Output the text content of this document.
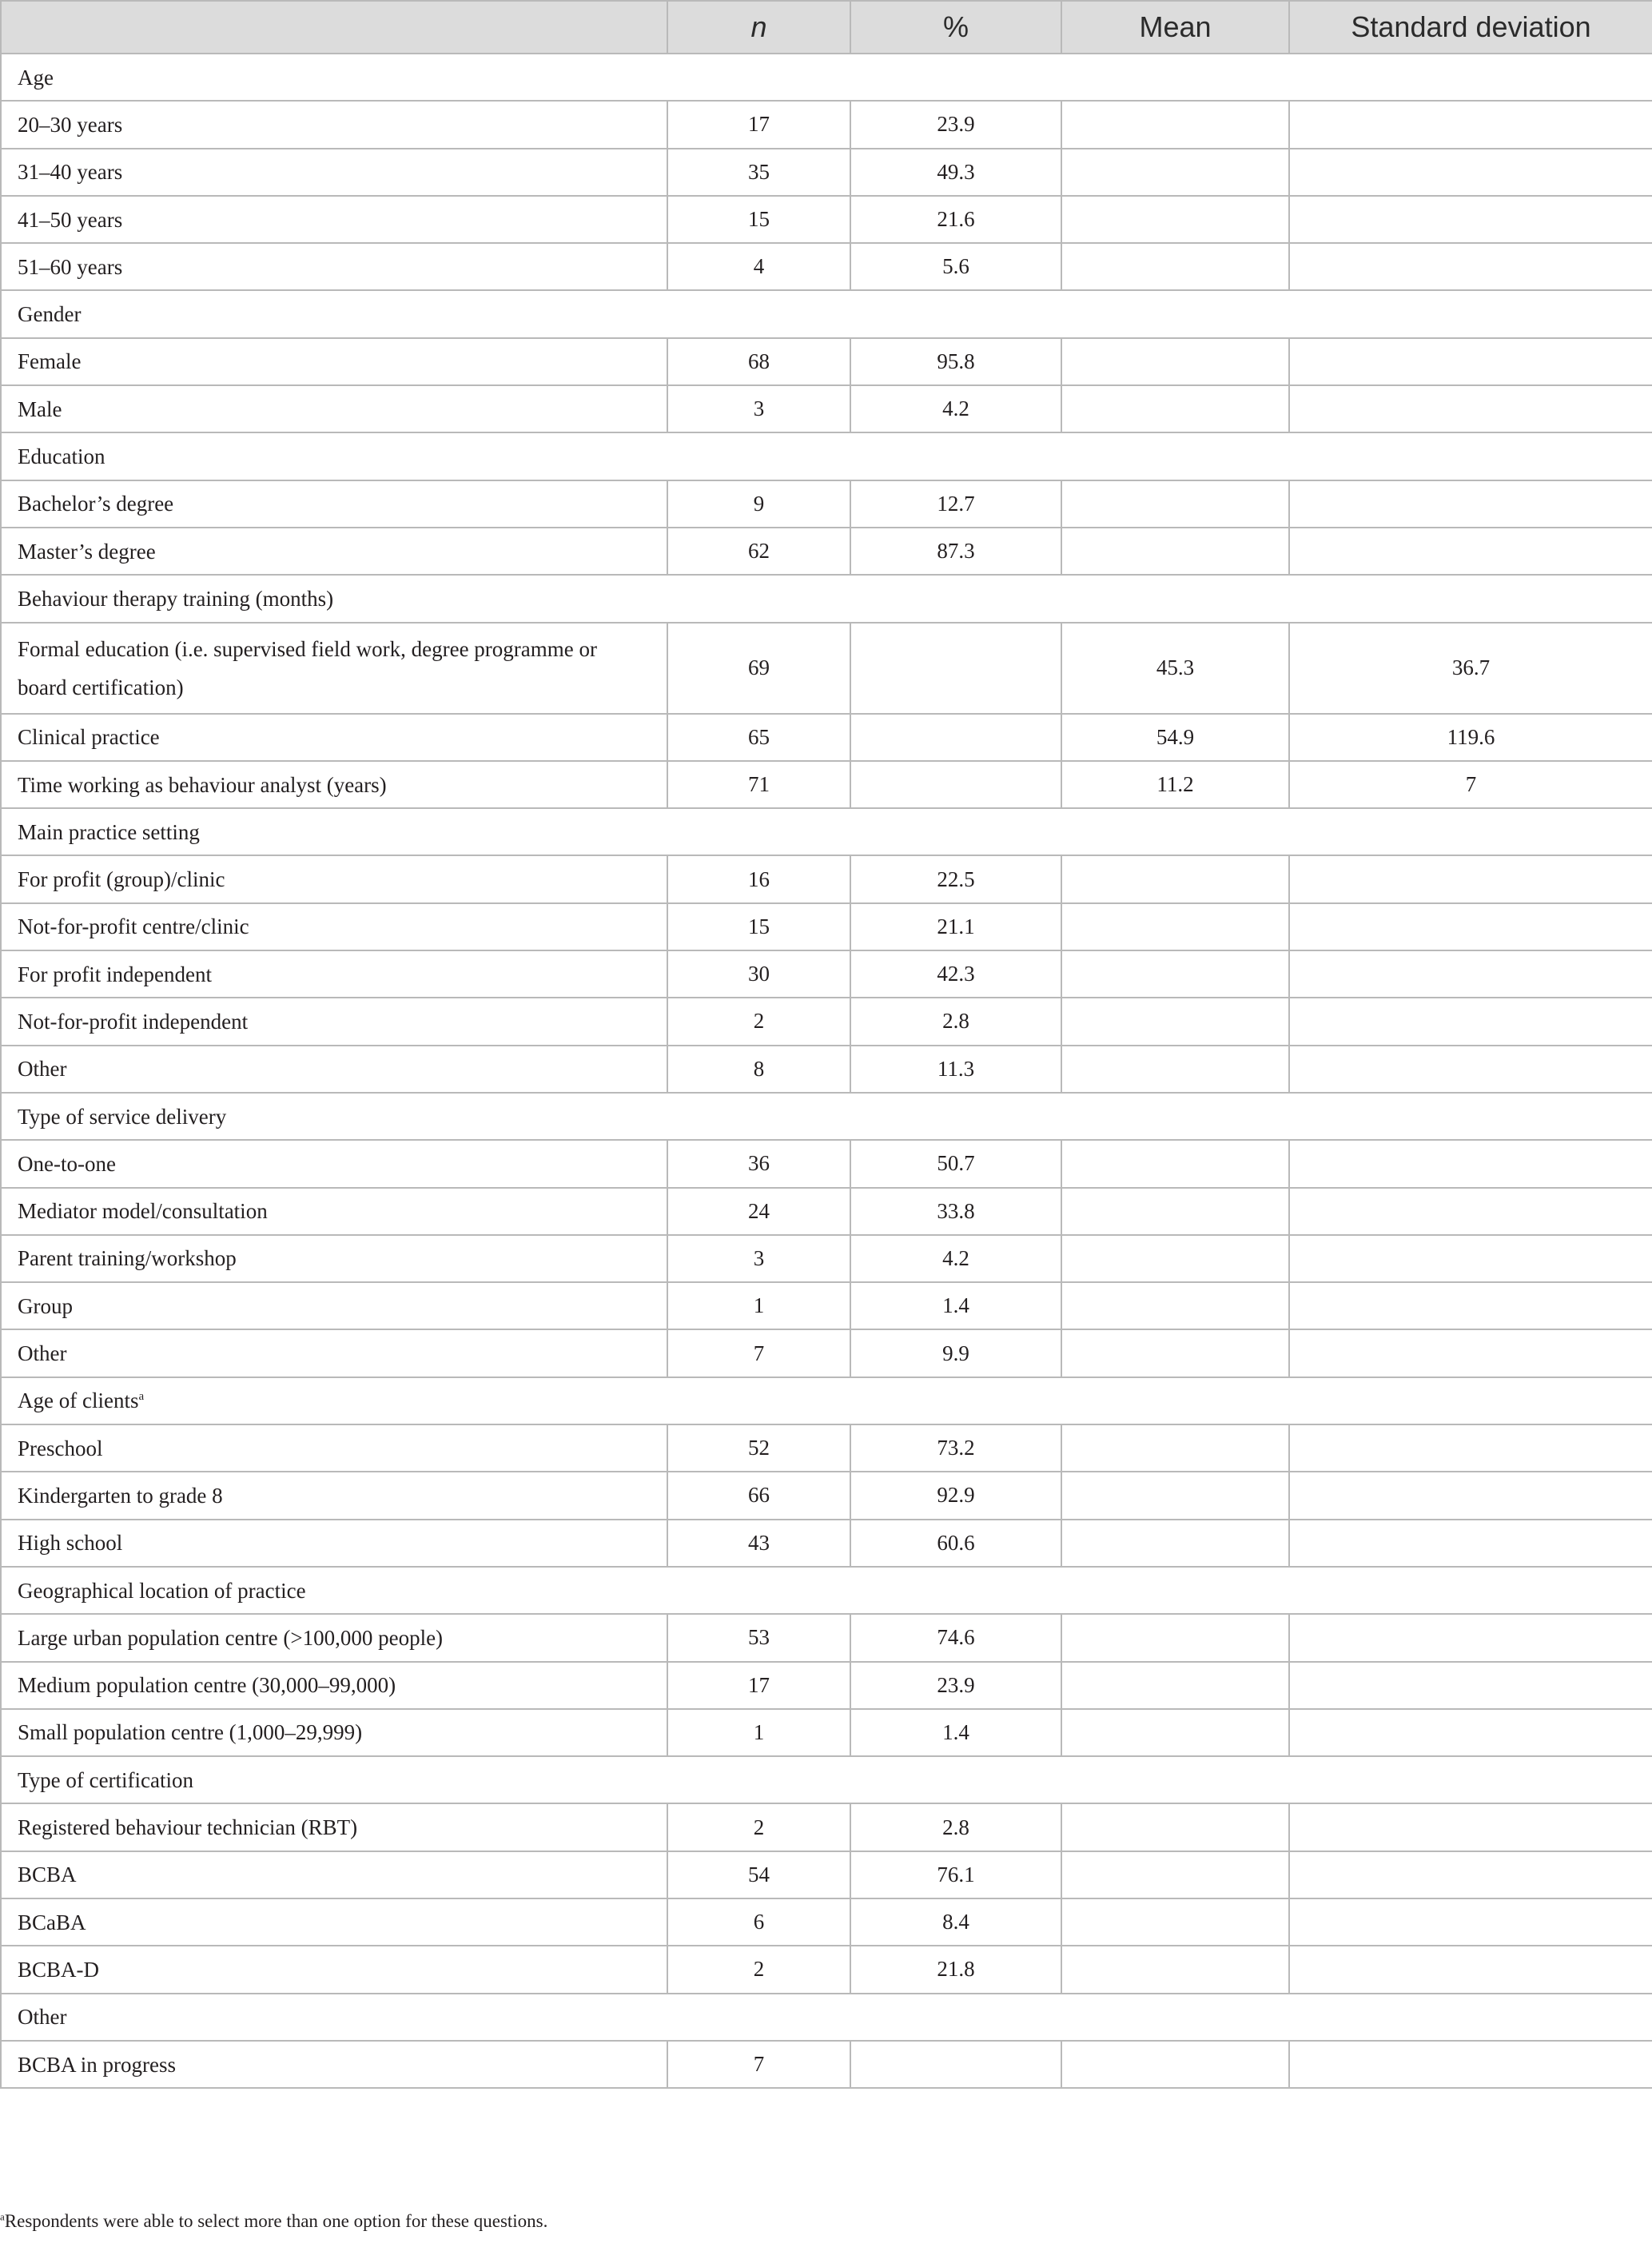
	n	%	Mean	Standard deviation
Age				
20–30 years	17	23.9		
31–40 years	35	49.3		
41–50 years	15	21.6		
51–60 years	4	5.6		
Gender				
Female	68	95.8		
Male	3	4.2		
Education				
Bachelor’s degree	9	12.7		
Master’s degree	62	87.3		
Behaviour therapy training (months)				
Formal education (i.e. supervised field work, degree programme or board certification)	69		45.3	36.7
Clinical practice	65		54.9	119.6
Time working as behaviour analyst (years)	71		11.2	7
Main practice setting				
For profit (group)/clinic	16	22.5		
Not-for-profit centre/clinic	15	21.1		
For profit independent	30	42.3		
Not-for-profit independent	2	2.8		
Other	8	11.3		
Type of service delivery				
One-to-one	36	50.7		
Mediator model/consultation	24	33.8		
Parent training/workshop	3	4.2		
Group	1	1.4		
Other	7	9.9		
Age of clients$^a$
Preschool	52	73.2		
Kindergarten to grade 8	66	92.9		
High school	43	60.6		
Geographical location of practice				
Large urban population centre (>100,000 people)	53	74.6		
Medium population centre (30,000–99,000)	17	23.9		
Small population centre (1,000–29,999)	1	1.4		
Type of certification				
Registered behaviour technician (RBT)	2	2.8		
BCBA	54	76.1		
BCaBA	6	8.4		
BCBA-D	2	21.8		
Other				
BCBA in progress	7			
$^a$Respondents were able to select more than one option for these questions.
